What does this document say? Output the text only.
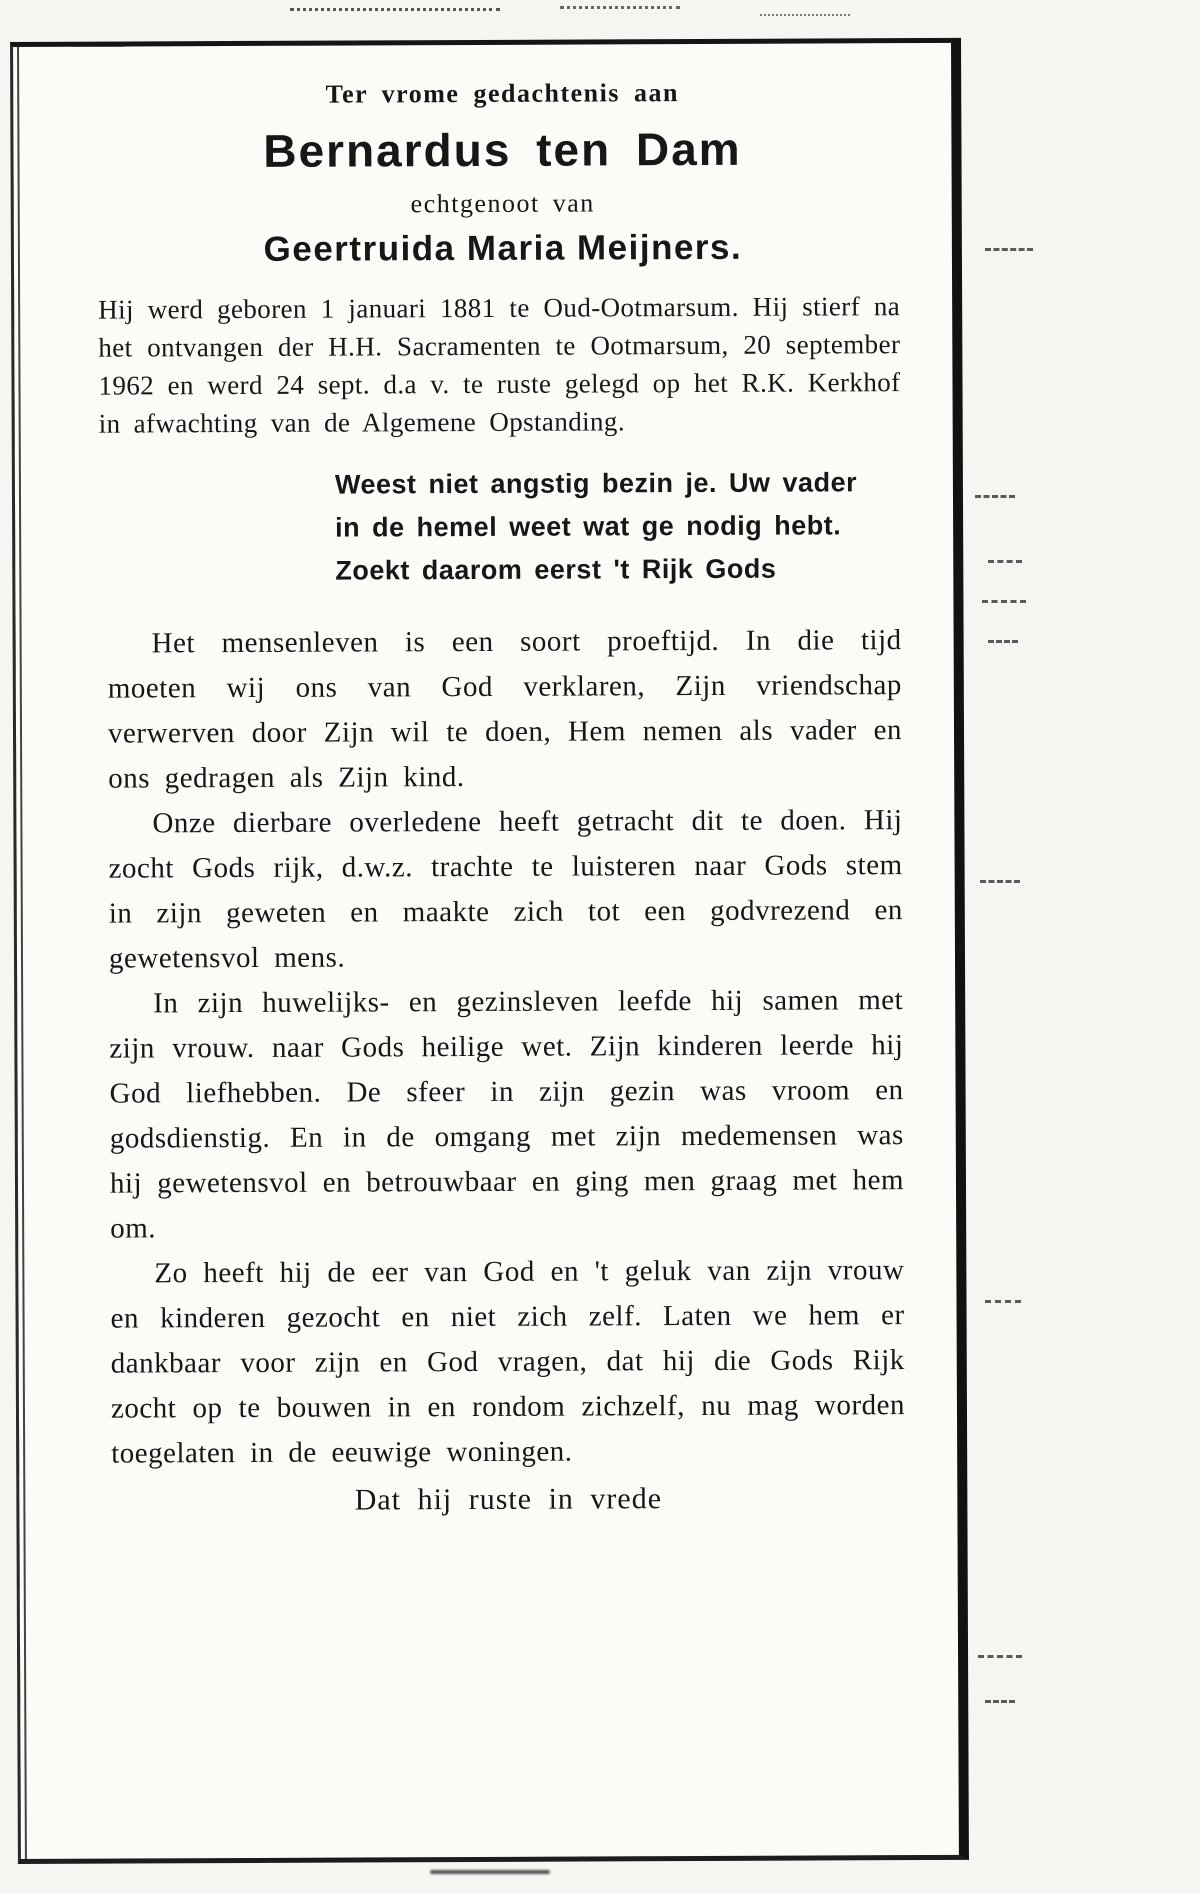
Ter vrome gedachtenis aan

Bernardus ten Dam

echtgenoot van

Geertruida Maria Meijners.

Hij werd geboren 1 januari 1881 te Oud-Ootmarsum. Hij stierf na het ontvangen der H.H. Sacramenten te Ootmarsum, 20 september 1962 en werd 24 sept. d.a v. te ruste gelegd op het R.K. Kerkhof in afwachting van de Algemene Opstanding.

Weest niet angstig bezin je. Uw vader
in de hemel weet wat ge nodig hebt.
Zoekt daarom eerst 't Rijk Gods

Het mensenleven is een soort proeftijd. In die tijd moeten wij ons van God verklaren, Zijn vriendschap verwerven door Zijn wil te doen, Hem nemen als vader en ons gedragen als Zijn kind.

Onze dierbare overledene heeft getracht dit te doen. Hij zocht Gods rijk, d.w.z. trachte te luisteren naar Gods stem in zijn geweten en maakte zich tot een godvrezend en gewetensvol mens.

In zijn huwelijks- en gezinsleven leefde hij samen met zijn vrouw. naar Gods heilige wet. Zijn kinderen leerde hij God liefhebben. De sfeer in zijn gezin was vroom en godsdienstig. En in de omgang met zijn medemensen was hij gewetensvol en betrouwbaar en ging men graag met hem om.

Zo heeft hij de eer van God en 't geluk van zijn vrouw en kinderen gezocht en niet zich zelf. Laten we hem er dankbaar voor zijn en God vragen, dat hij die Gods Rijk zocht op te bouwen in en rondom zichzelf, nu mag worden toegelaten in de eeuwige woningen.

Dat hij ruste in vrede
